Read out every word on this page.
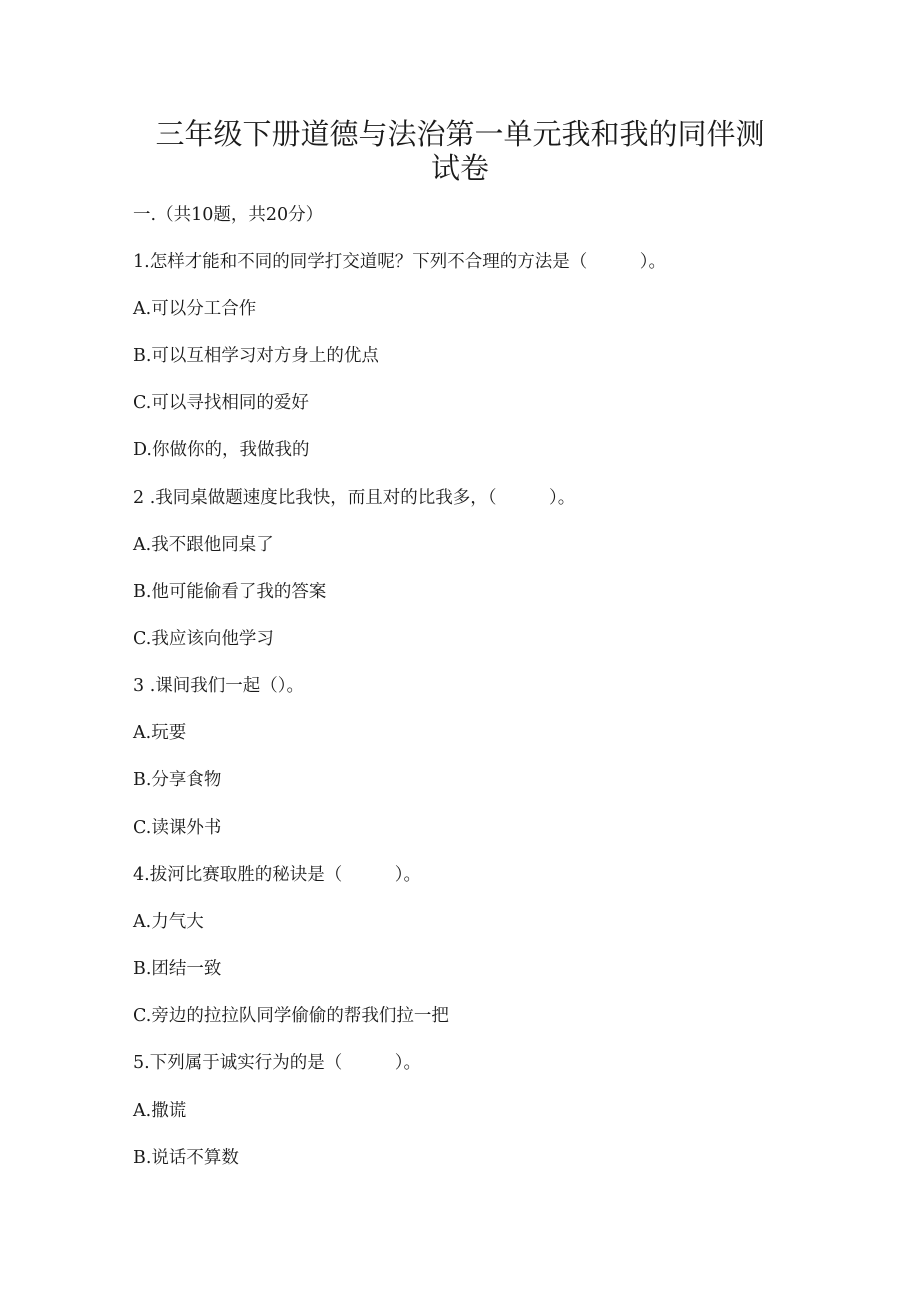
三年级下册道德与法治第一单元我和我的同伴测
试卷
一.（共10题，共20分）
1.怎样才能和不同的同学打交道呢？下列不合理的方法是（　　　）。
A.可以分工合作
B.可以互相学习对方身上的优点
C.可以寻找相同的爱好
D.你做你的，我做我的
2 .我同桌做题速度比我快，而且对的比我多，（　　　）。
A.我不跟他同桌了
B.他可能偷看了我的答案
C.我应该向他学习
3 .课间我们一起（）。
A.玩要
B.分享食物
C.读课外书
4.拔河比赛取胜的秘诀是（　　　）。
A.力气大
B.团结一致
C.旁边的拉拉队同学偷偷的帮我们拉一把
5.下列属于诚实行为的是（　　　）。
A.撒谎
B.说话不算数
